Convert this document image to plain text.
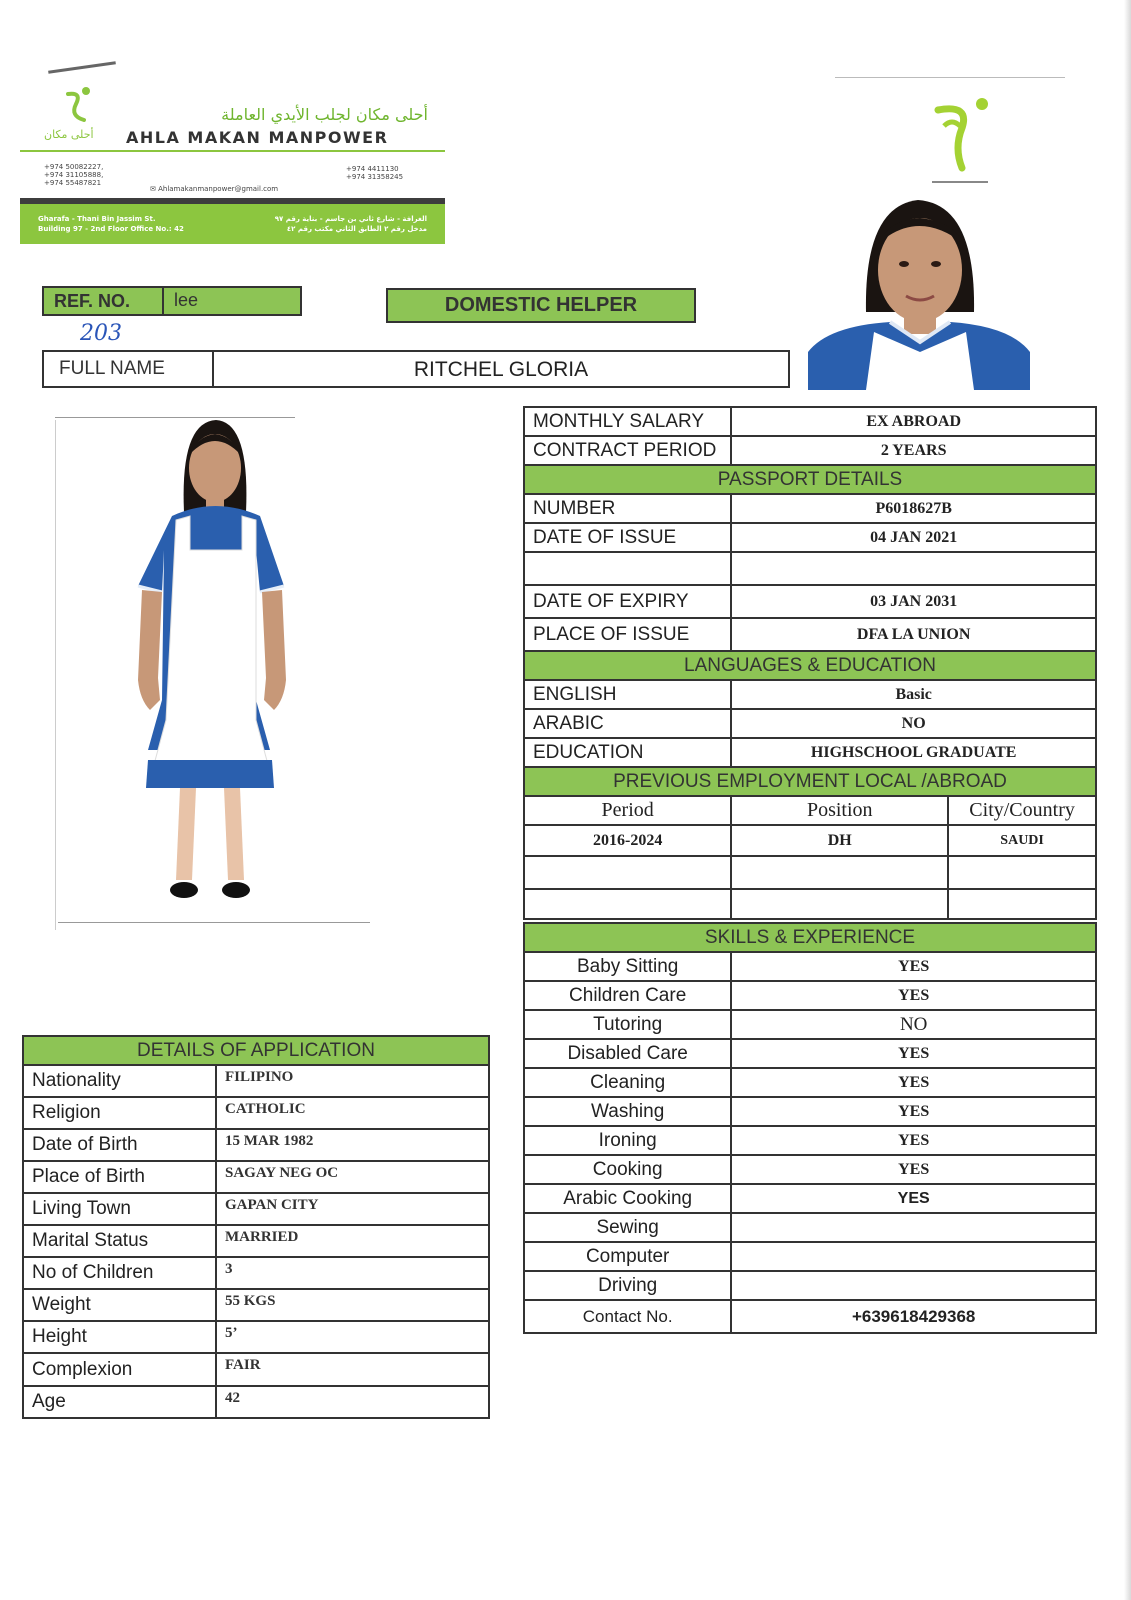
أحلى مكان
أحلى مكان لجلب الأيدي العاملة
AHLA MAKAN MANPOWER
+974 50082227,
+974 31105888,
+974 55487821
✉ Ahlamakanmanpower@gmail.com
+974 4411130
+974 31358245
Gharafa - Thani Bin Jassim St.
Building 97 - 2nd Floor Office No.: 42
الغرافة - شارع ثاني بن جاسم - بناية رقم ٩٧
مدخل رقم ٢ الطابق الثاني مكتب رقم ٤٢
REF. NO. lee
203
DOMESTIC HELPER
FULL NAME	RITCHEL GLORIA
MONTHLY SALARY	EX ABROAD	
CONTRACT PERIOD	2 YEARS	
PASSPORT DETAILS		
NUMBER	P6018627B	
DATE OF ISSUE	04 JAN 2021	

DATE OF EXPIRY	03 JAN 2031	
PLACE OF ISSUE	DFA LA UNION	
LANGUAGES & EDUCATION		
ENGLISH	Basic	
ARABIC	NO	
EDUCATION	HIGHSCHOOL GRADUATE	
PREVIOUS EMPLOYMENT LOCAL /ABROAD		
Period	Position	City/Country
2016-2024	DH	SAUDI

SKILLS & EXPERIENCE		
Baby Sitting	YES	
Children Care	YES	
Tutoring	NO	
Disabled Care	YES	
Cleaning	YES	
Washing	YES	
Ironing	YES	
Cooking	YES	
Arabic Cooking	YES	
Sewing		
Computer		
Driving		
Contact No.	+639618429368	
DETAILS OF APPLICATION	
Nationality	FILIPINO
Religion	CATHOLIC
Date of Birth	15 MAR 1982
Place of Birth	SAGAY NEG OC
Living Town	GAPAN CITY
Marital Status	MARRIED
No of Children	3
Weight	55 KGS
Height	5’
Complexion	FAIR
Age	42
